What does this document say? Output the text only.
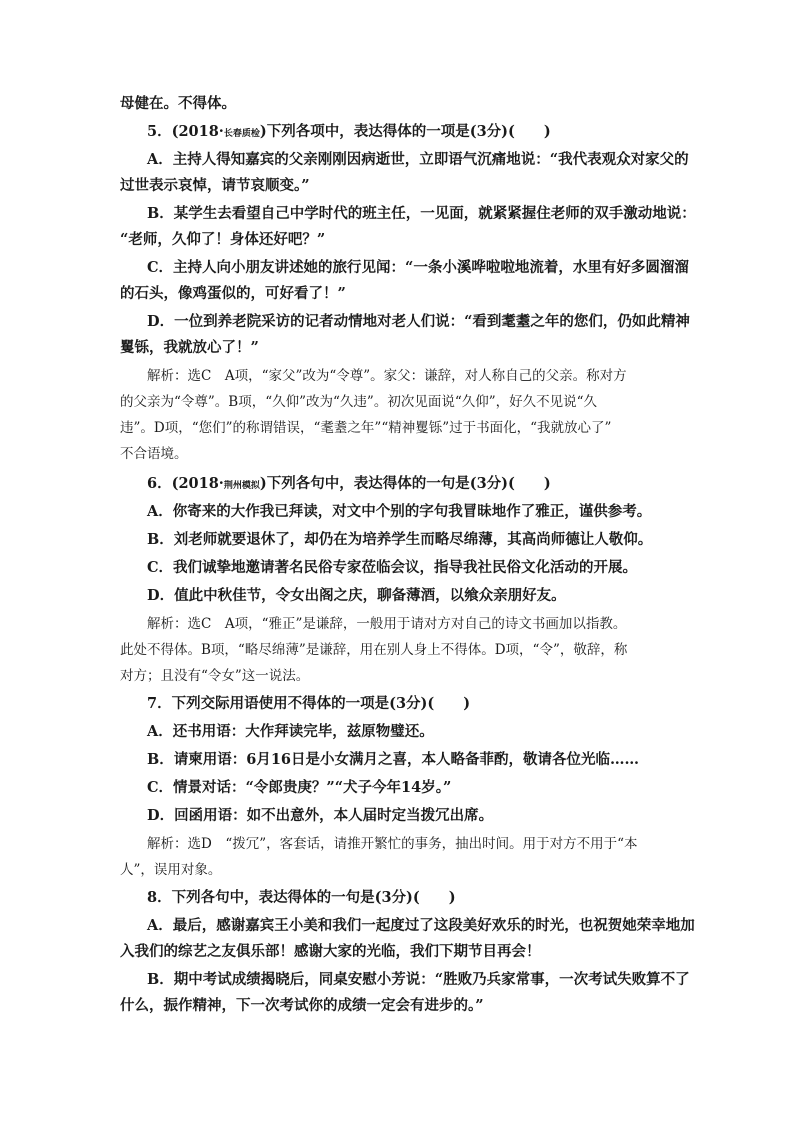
母健在。不得体。
5．(2018·长春质检)下列各项中，表达得体的一项是(3分)(　　)
A．主持人得知嘉宾的父亲刚刚因病逝世，立即语气沉痛地说：“我代表观众对家父的
过世表示哀悼，请节哀顺变。”
B．某学生去看望自己中学时代的班主任，一见面，就紧紧握住老师的双手激动地说：
“老师，久仰了！身体还好吧？”
C．主持人向小朋友讲述她的旅行见闻：“一条小溪哗啦啦地流着，水里有好多圆溜溜
的石头，像鸡蛋似的，可好看了！”
D．一位到养老院采访的记者动情地对老人们说：“看到耄耋之年的您们，仍如此精神
矍铄，我就放心了！”
解析：选C　A项，“家父”改为“令尊”。家父：谦辞，对人称自己的父亲。称对方
的父亲为“令尊”。B项，“久仰”改为“久违”。初次见面说“久仰”，好久不见说“久
违”。D项，“您们”的称谓错误，“耄耋之年”“精神矍铄”过于书面化，“我就放心了”
不合语境。
6．(2018·荆州模拟)下列各句中，表达得体的一句是(3分)(　　)
A．你寄来的大作我已拜读，对文中个别的字句我冒昧地作了雅正，谨供参考。
B．刘老师就要退休了，却仍在为培养学生而略尽绵薄，其高尚师德让人敬仰。
C．我们诚挚地邀请著名民俗专家莅临会议，指导我社民俗文化活动的开展。
D．值此中秋佳节，令女出阁之庆，聊备薄酒，以飨众亲朋好友。
解析：选C　A项，“雅正”是谦辞，一般用于请对方对自己的诗文书画加以指教。
此处不得体。B项，“略尽绵薄”是谦辞，用在别人身上不得体。D项，“令”，敬辞，称
对方；且没有“令女”这一说法。
7．下列交际用语使用不得体的一项是(3分)(　　)
A．还书用语：大作拜读完毕，兹原物璧还。
B．请柬用语：6月16日是小女满月之喜，本人略备菲酌，敬请各位光临……
C．情景对话：“令郎贵庚？”“犬子今年14岁。”
D．回函用语：如不出意外，本人届时定当拨冗出席。
解析：选D　“拨冗”，客套话，请推开繁忙的事务，抽出时间。用于对方不用于“本
人”，误用对象。
8．下列各句中，表达得体的一句是(3分)(　　)
A．最后，感谢嘉宾王小美和我们一起度过了这段美好欢乐的时光，也祝贺她荣幸地加
入我们的综艺之友俱乐部！感谢大家的光临，我们下期节目再会！
B．期中考试成绩揭晓后，同桌安慰小芳说：“胜败乃兵家常事，一次考试失败算不了
什么，振作精神，下一次考试你的成绩一定会有进步的。”
